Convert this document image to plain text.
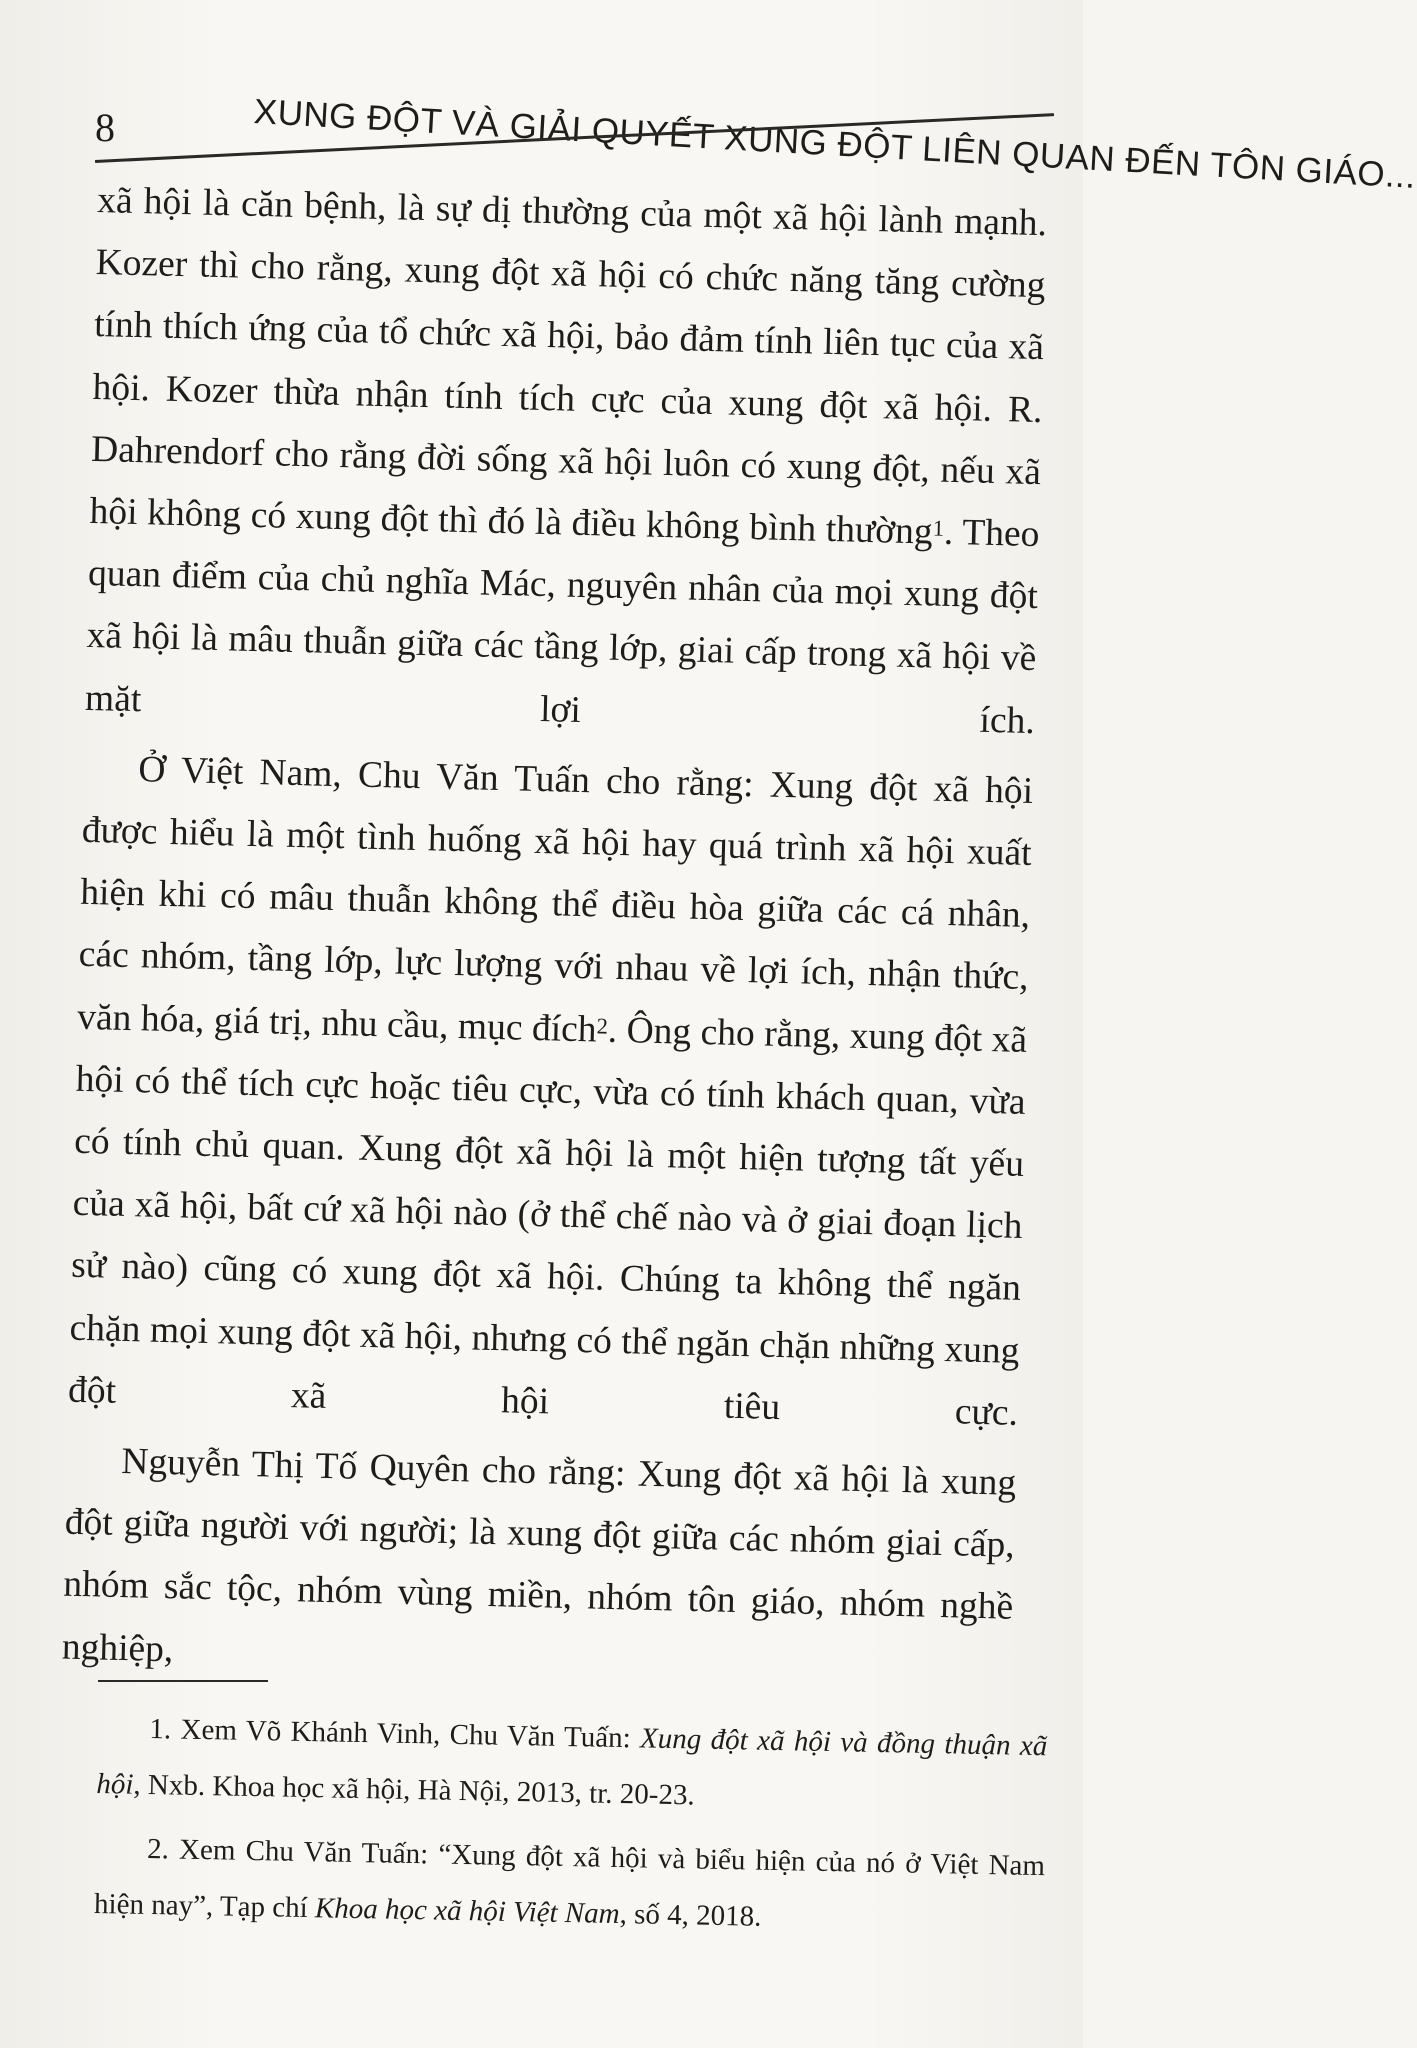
8	XUNG ĐỘT VÀ GIẢI QUYẾT XUNG ĐỘT LIÊN QUAN ĐẾN TÔN GIÁO...

xã hội là căn bệnh, là sự dị thường của một xã hội lành mạnh. Kozer thì cho rằng, xung đột xã hội có chức năng tăng cường tính thích ứng của tổ chức xã hội, bảo đảm tính liên tục của xã hội. Kozer thừa nhận tính tích cực của xung đột xã hội. R. Dahrendorf cho rằng đời sống xã hội luôn có xung đột, nếu xã hội không có xung đột thì đó là điều không bình thường$^1$. Theo quan điểm của chủ nghĩa Mác, nguyên nhân của mọi xung đột xã hội là mâu thuẫn giữa các tầng lớp, giai cấp trong xã hội về mặt lợi ích.

Ở Việt Nam, Chu Văn Tuấn cho rằng: Xung đột xã hội được hiểu là một tình huống xã hội hay quá trình xã hội xuất hiện khi có mâu thuẫn không thể điều hòa giữa các cá nhân, các nhóm, tầng lớp, lực lượng với nhau về lợi ích, nhận thức, văn hóa, giá trị, nhu cầu, mục đích$^2$. Ông cho rằng, xung đột xã hội có thể tích cực hoặc tiêu cực, vừa có tính khách quan, vừa có tính chủ quan. Xung đột xã hội là một hiện tượng tất yếu của xã hội, bất cứ xã hội nào (ở thể chế nào và ở giai đoạn lịch sử nào) cũng có xung đột xã hội. Chúng ta không thể ngăn chặn mọi xung đột xã hội, nhưng có thể ngăn chặn những xung đột xã hội tiêu cực.

Nguyễn Thị Tố Quyên cho rằng: Xung đột xã hội là xung đột giữa người với người; là xung đột giữa các nhóm giai cấp, nhóm sắc tộc, nhóm vùng miền, nhóm tôn giáo, nhóm nghề nghiệp,

1. Xem Võ Khánh Vinh, Chu Văn Tuấn: Xung đột xã hội và đồng thuận xã hội, Nxb. Khoa học xã hội, Hà Nội, 2013, tr. 20-23.

2. Xem Chu Văn Tuấn: “Xung đột xã hội và biểu hiện của nó ở Việt Nam hiện nay”, Tạp chí Khoa học xã hội Việt Nam, số 4, 2018.
